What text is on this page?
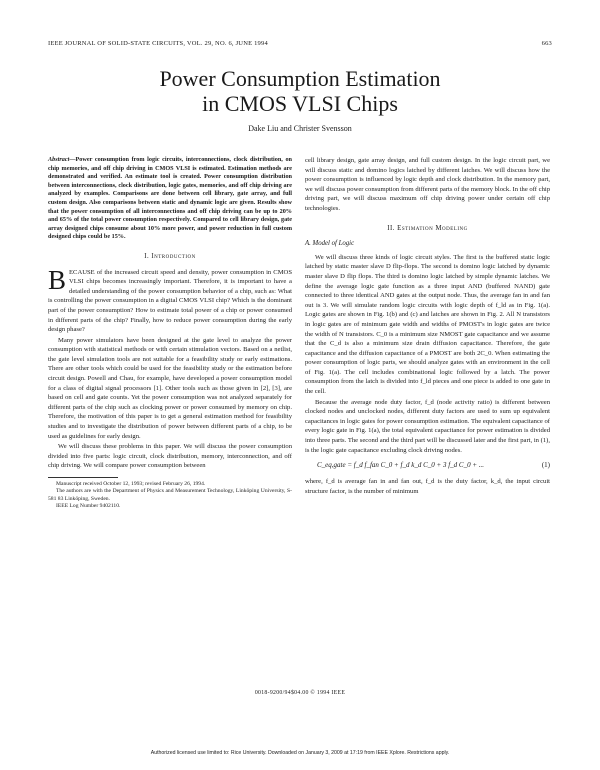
IEEE JOURNAL OF SOLID-STATE CIRCUITS, VOL. 29, NO. 6, JUNE 1994	663
Power Consumption Estimation
in CMOS VLSI Chips
Dake Liu and Christer Svensson
Abstract—Power consumption from logic circuits, interconnections, clock distribution, on chip memories, and off chip driving in CMOS VLSI is estimated. Estimation methods are demonstrated and verified. An estimate tool is created. Power consumption distribution between interconnections, clock distribution, logic gates, memories, and off chip driving are analyzed by examples. Comparisons are done between cell library, gate array, and full custom design. Also comparisons between static and dynamic logic are given. Results show that the power consumption of all interconnections and off chip driving can be up to 20% and 65% of the total power consumption respectively. Compared to cell library design, gate array designed chips consume about 10% more power, and power reduction in full custom designed chips could be 15%.
I. Introduction

BECAUSE of the increased circuit speed and density, power consumption in CMOS VLSI chips becomes increasingly important. Therefore, it is important to have a detailed understanding of the power consumption behavior of a chip, such as: What is controlling the power consumption in a digital CMOS VLSI chip? Which is the dominant part of the power consumption? How to estimate total power of a chip or power consumed in different parts of the chip? Finally, how to reduce power consumption during the early design phase?

Many power simulators have been designed at the gate level to analyze the power consumption with statistical methods or with certain stimulation vectors. Based on a netlist, the gate level simulation tools are not suitable for a feasibility study or early estimations. There are other tools which could be used for the feasibility study or the estimation before circuit design. Powell and Chau, for example, have developed a power consumption model for a class of digital signal processors [1]. Other tools such as those given in [2], [3], are based on cell and gate counts. Yet the power consumption was not analyzed separately for different parts of the chip such as clocking power or power consumed by memory on chip. Therefore, the motivation of this paper is to get a general estimation method for feasibility studies and to investigate the distribution of power between different parts of a chip, to be used as guidelines for early design.

We will discuss these problems in this paper. We will discuss the power consumption divided into five parts: logic circuit, clock distribution, memory, interconnection, and off chip driving. We will compare power consumption between

Manuscript received October 12, 1993; revised February 26, 1994.
The authors are with the Department of Physics and Measurement Technology, Linköping University, S-581 83 Linköping, Sweden.
IEEE Log Number 9402110.

cell library design, gate array design, and full custom design. In the logic circuit part, we will discuss static and domino logics latched by different latches. We will discuss how the power consumption is influenced by logic depth and clock distribution. In the memory part, we will discuss power consumption from different parts of the memory block. In the off chip driving part, we will discuss maximum off chip driving power under certain off chip technologies.

II. Estimation Modeling
A. Model of Logic

We will discuss three kinds of logic circuit styles. The first is the buffered static logic latched by static master slave D flip-flops. The second is domino logic latched by dynamic master slave D flip flops. The third is domino logic latched by simple dynamic latches. We define the average logic gate function as a three input AND (buffered NAND) gate connected to three identical AND gates at the output node. Thus, the average fan in and fan out is 3. We will simulate random logic circuits with logic depth of f_ld as in Fig. 1(a). Logic gates are shown in Fig. 1(b) and (c) and latches are shown in Fig. 2. All N transistors in logic gates are of minimum gate width and widths of PMOST's in logic gates are twice the width of N transistors. C_0 is a minimum size NMOST gate capacitance and we assume that the C_d is also a minimum size drain diffusion capacitance. Therefore, the gate capacitance and the diffusion capacitance of a PMOST are both 2C_0. When estimating the power consumption of logic parts, we should analyze gates with an environment in the cell of Fig. 1(a). The cell includes combinational logic followed by a latch. The power consumption from the latch is divided into f_ld pieces and one piece is added to one gate in the cell.

Because the average node duty factor, f_d (node activity ratio) is different between clocked nodes and unclocked nodes, different duty factors are used to sum up equivalent capacitances in logic gates for power consumption estimation. The equivalent capacitance of every logic gate in Fig. 1(a), the total equivalent capacitance for power estimation is divided into three parts. The second and the third part will be discussed later and the first part, in (1), is the logic gate capacitance excluding clock driving nodes.

C_eq,gate = f_d f_fan C_0 + f_d k_d C_0 + 3 f_d C_0 + ...	(1)

where, f_d is average fan in and fan out, f_d is the duty factor, k_d, the input circuit structure factor, is the number of minimum

0018-9200/94$04.00 © 1994 IEEE
Authorized licensed use limited to: Rice University. Downloaded on January 3, 2009 at 17:19 from IEEE Xplore. Restrictions apply.
